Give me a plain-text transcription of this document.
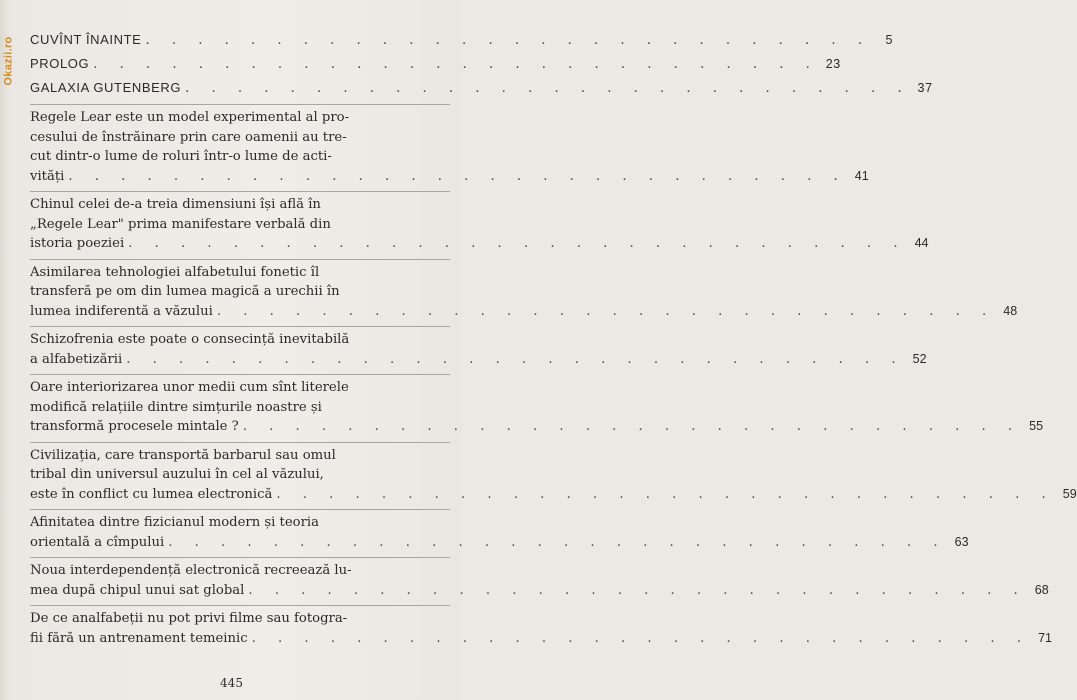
Okazii.ro CUVÎNT ÎNAINTE . . . . . . . . . . . . . . . . . . . . . . . . . . . .	5
PROLOG . . . . . . . . . . . . . . . . . . . . . . . . . . . . 23
GALAXIA GUTENBERG . . . . . . . . . . . . . . . . . . . . . . . . . . . . 37
Regele Lear este un model experimental al pro-
cesului de înstrăinare prin care oamenii au tre-
cut dintr-o lume de roluri într-o lume de acti-
vități . . . . . . . . . . . . . . . . . . . . . . . . . . . . . . 41
Chinul celei de-a treia dimensiuni își află în
„Regele Lear" prima manifestare verbală din
istoria poeziei . . . . . . . . . . . . . . . . . . . . . . . . . . . . . . 44
Asimilarea tehnologiei alfabetului fonetic îl
transferă pe om din lumea magică a urechii în
lumea indiferentă a văzului . . . . . . . . . . . . . . . . . . . . . . . . . . . . . . 48
Schizofrenia este poate o consecință inevitabilă
a alfabetizării . . . . . . . . . . . . . . . . . . . . . . . . . . . . . . 52
Oare interiorizarea unor medii cum sînt literele
modifică relațiile dintre simțurile noastre și
transformă procesele mintale ? . . . . . . . . . . . . . . . . . . . . . . . . . . . . . . 55
Civilizația, care transportă barbarul sau omul
tribal din universul auzului în cel al văzului,
este în conflict cu lumea electronică . . . . . . . . . . . . . . . . . . . . . . . . . . . . . . 59
Afinitatea dintre fizicianul modern și teoria
orientală a cîmpului . . . . . . . . . . . . . . . . . . . . . . . . . . . . . . 63
Noua interdependență electronică recreează lu-
mea după chipul unui sat global . . . . . . . . . . . . . . . . . . . . . . . . . . . . . . 68
De ce analfabeții nu pot privi filme sau fotogra-
fii fără un antrenament temeinic . . . . . . . . . . . . . . . . . . . . . . . . . . . . . . 71
445
